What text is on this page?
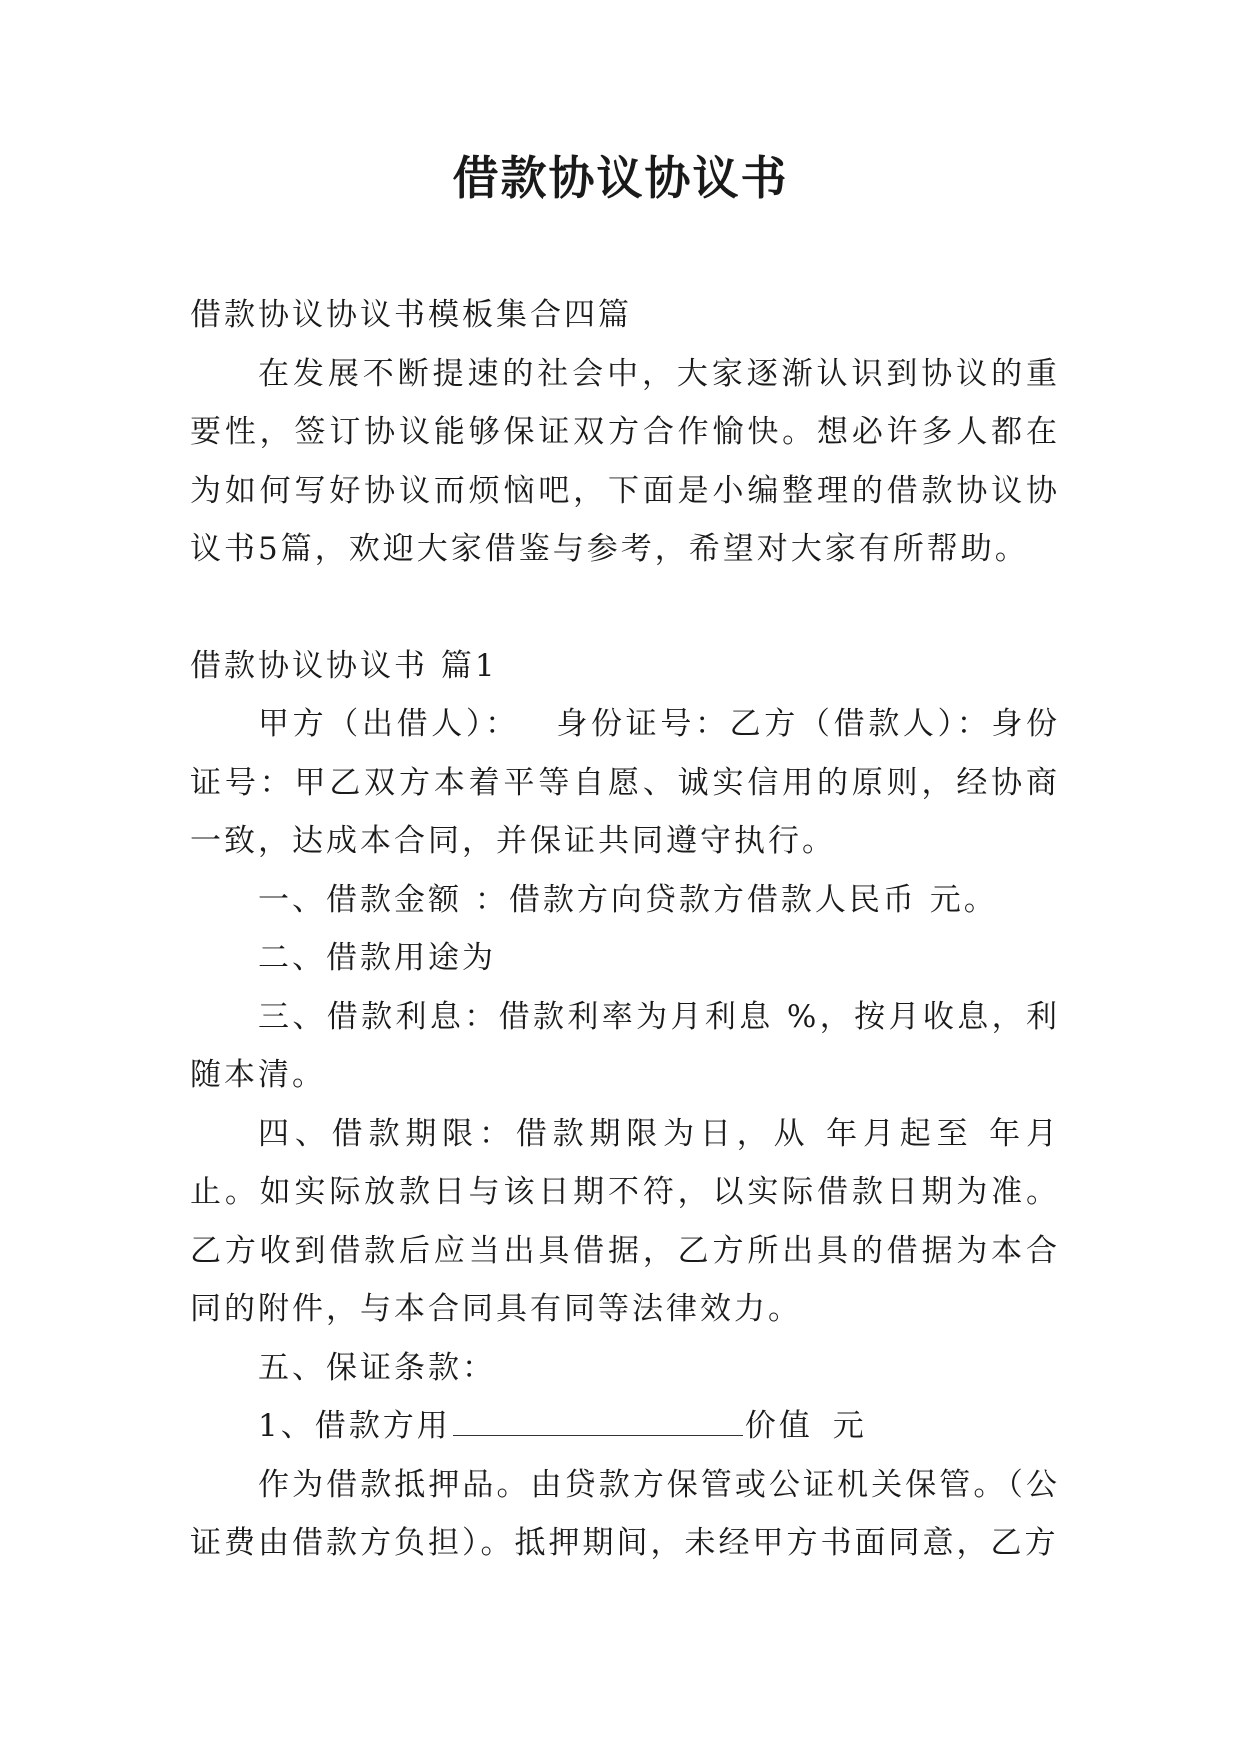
借款协议协议书

借款协议协议书模板集合四篇

在发展不断提速的社会中，大家逐渐认识到协议的重要性，签订协议能够保证双方合作愉快。想必许多人都在为如何写好协议而烦恼吧，下面是小编整理的借款协议协议书5篇，欢迎大家借鉴与参考，希望对大家有所帮助。

借款协议协议书 篇1

甲方（出借人）： 身份证号：乙方（借款人）：身份证号：甲乙双方本着平等自愿、诚实信用的原则，经协商一致，达成本合同，并保证共同遵守执行。

一、借款金额 ：借款方向贷款方借款人民币 元。

二、借款用途为

三、借款利息：借款利率为月利息 %，按月收息，利随本清。

四、借款期限：借款期限为日，从 年月起至 年月止。如实际放款日与该日期不符，以实际借款日期为准。乙方收到借款后应当出具借据，乙方所出具的借据为本合同的附件，与本合同具有同等法律效力。

五、保证条款：

1、借款方用	价值 元

作为借款抵押品。由贷款方保管或公证机关保管。（公证费由借款方负担）。抵押期间，未经甲方书面同意，乙方
